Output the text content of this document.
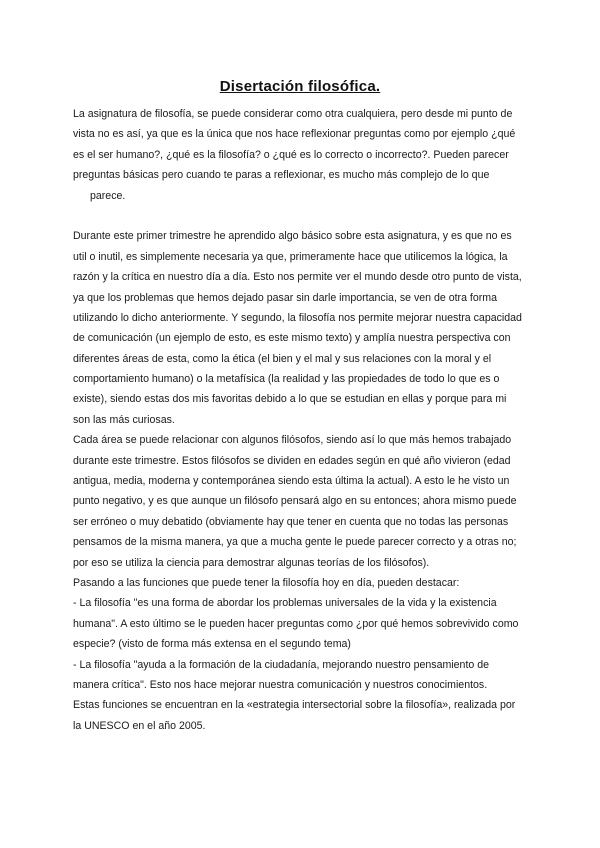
Disertación filosófica.

La asignatura de filosofía, se puede considerar como otra cualquiera, pero desde mi punto de

vista no es así, ya que es la única que nos hace reflexionar preguntas como por ejemplo ¿qué

es el ser humano?, ¿qué es la filosofía? o ¿qué es lo correcto o incorrecto?. Pueden parecer

preguntas básicas pero cuando te paras a reflexionar, es mucho más complejo de lo que

parece.

Durante este primer trimestre he aprendido algo básico sobre esta asignatura, y es que no es

util o inutil, es simplemente necesaria ya que, primeramente hace que utilicemos la lógica, la

razón y la crítica en nuestro día a día. Esto nos permite ver el mundo desde otro punto de vista,

ya que los problemas que hemos dejado pasar sin darle importancia, se ven de otra forma

utilizando lo dicho anteriormente. Y segundo, la filosofía nos permite mejorar nuestra capacidad

de comunicación (un ejemplo de esto, es este mismo texto) y amplía nuestra perspectiva con

diferentes áreas de esta, como la ética (el bien y el mal y sus relaciones con la moral y el

comportamiento humano) o la metafísica (la realidad y las propiedades de todo lo que es o

existe), siendo estas dos mis favoritas debido a lo que se estudian en ellas y porque para mi

son las más curiosas.

Cada área se puede relacionar con algunos filósofos, siendo así lo que más hemos trabajado

durante este trimestre. Estos filósofos se dividen en edades según en qué año vivieron (edad

antigua, media, moderna y contemporánea siendo esta última la actual). A esto le he visto un

punto negativo, y es que aunque un filósofo pensará algo en su entonces; ahora mismo puede

ser erróneo o muy debatido (obviamente hay que tener en cuenta que no todas las personas

pensamos de la misma manera, ya que a mucha gente le puede parecer correcto y a otras no;

por eso se utiliza la ciencia para demostrar algunas teorías de los filósofos).

Pasando a las funciones que puede tener la filosofía hoy en día, pueden destacar:

- La filosofía "es una forma de abordar los problemas universales de la vida y la existencia

humana". A esto último se le pueden hacer preguntas como ¿por qué hemos sobrevivido como

especie? (visto de forma más extensa en el segundo tema)

- La filosofía "ayuda a la formación de la ciudadanía, mejorando nuestro pensamiento de

manera crítica". Esto nos hace mejorar nuestra comunicación y nuestros conocimientos.

Estas funciones se encuentran en la «estrategia intersectorial sobre la filosofía», realizada por

la UNESCO en el año 2005.
